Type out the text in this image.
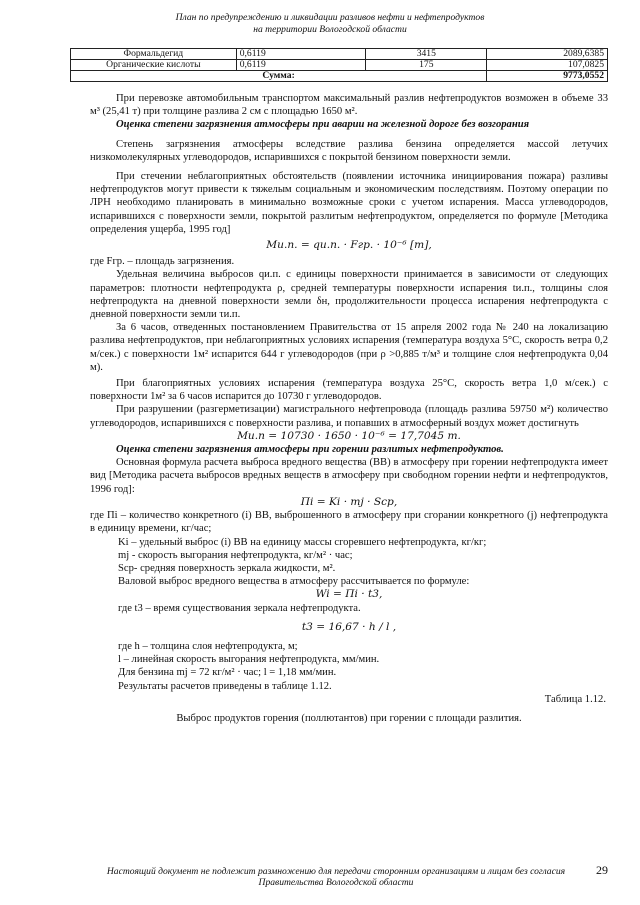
План по предупреждению и ликвидации разливов нефти и нефтепродуктов
на территории Вологодской области
Формальдегид	0,6119	3415	2089,6385
Органические кислоты	0,6119	175	107,0825
Сумма:			9773,0552

При перевозке автомобильным транспортом максимальный разлив нефтепродуктов возможен в объеме 33 м³ (25,41 т) при толщине разлива 2 см с площадью 1650 м².

Оценка степени загрязнения атмосферы при аварии на железной дороге без возгорания

Степень загрязнения атмосферы вследствие разлива бензина определяется массой летучих низкомолекулярных углеводородов, испарившихся с покрытой бензином поверхности земли.

При стечении неблагоприятных обстоятельств (появлении источника инициирования пожара) разливы нефтепродуктов могут привести к тяжелым социальным и экономическим последствиям. Поэтому операции по ЛРН необходимо планировать в минимально возможные сроки с учетом испарения. Масса углеводородов, испарившихся с поверхности земли, покрытой разлитым нефтепродуктом, определяется по формуле [Методика определения ущерба, 1995 год]

Mи.п. = qи.п. · Fгр. · 10⁻⁶ [т],

где Fгр. – площадь загрязнения.

Удельная величина выбросов qи.п. с единицы поверхности принимается в зависимости от следующих параметров: плотности нефтепродукта ρ, средней температуры поверхности испарения tи.п., толщины слоя нефтепродукта на дневной поверхности земли δн, продолжительности процесса испарения нефтепродукта с дневной поверхности земли τи.п.

За 6 часов, отведенных постановлением Правительства от 15 апреля 2002 года № 240 на локализацию разлива нефтепродуктов, при неблагоприятных условиях испарения (температура воздуха 5°С, скорость ветра 0,2 м/сек.) с поверхности 1м² испарится 644 г углеводородов (при ρ >0,885 т/м³ и толщине слоя нефтепродукта 0,04 м).

При благоприятных условиях испарения (температура воздуха 25°С, скорость ветра 1,0 м/сек.) с поверхности 1м² за 6 часов испарится до 10730 г углеводородов.

При разрушении (разгерметизации) магистрального нефтепровода (площадь разлива 59750 м²) количество углеводородов, испарившихся с поверхности разлива, и попавших в атмосферный воздух может достигнуть

Mи.п = 10730 · 1650 · 10⁻⁶ = 17,7045 т.

Оценка степени загрязнения атмосферы при горении разлитых нефтепродуктов.

Основная формула расчета выброса вредного вещества (ВВ) в атмосферу при горении нефтепродукта имеет вид [Методика расчета выбросов вредных веществ в атмосферу при свободном горении нефти и нефтепродуктов, 1996 год]:

Пi = Ki · mj · Sср,

где Пi – количество конкретного (i) ВВ, выброшенного в атмосферу при сгорании конкретного (j) нефтепродукта в единицу времени, кг/час;

Ki – удельный выброс (i) ВВ на единицу массы сгоревшего нефтепродукта, кг/кг;

mj - скорость выгорания нефтепродукта, кг/м² · час;

Sср- средняя поверхность зеркала жидкости, м².

Валовой выброс вредного вещества в атмосферу рассчитывается по формуле:

Wi = Пi · t3,

где t3 – время существования зеркала нефтепродукта.

t3 = 16,67 · h / l ,

где h – толщина слоя нефтепродукта, м;

l – линейная скорость выгорания нефтепродукта, мм/мин.

Для бензина mj = 72 кг/м² · час; l = 1,18 мм/мин.

Результаты расчетов приведены в таблице 1.12.

Таблица 1.12.

Выброс продуктов горения (поллютантов) при горении с площади разлития.

Настоящий документ не подлежит размножению для передачи сторонним организациям и лицам без согласия Правительства Вологодской области
29
